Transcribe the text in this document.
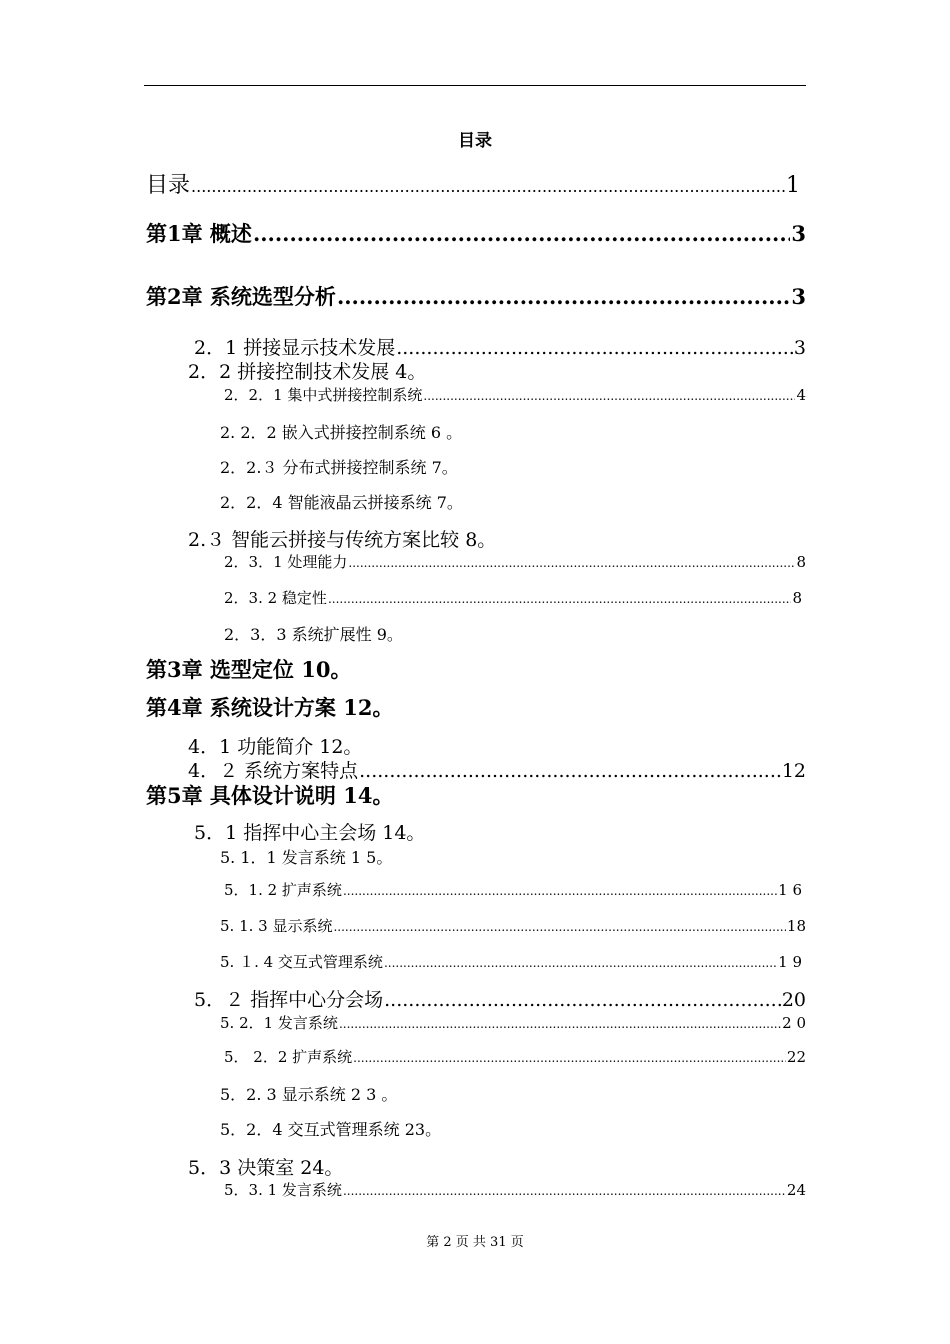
目录
目录 .....	1
第1章 概述 .....	3
第2章 系统选型分析 .....	3
2．1 拼接显示技术发展 .....	3
2．2 拼接控制技术发展 4。
2．2．1 集中式拼接控制系统 .....	4
2. 2．2 嵌入式拼接控制系统 6 。
2．2.３ 分布式拼接控制系统 7。
2．2．4 智能液晶云拼接系统 7。
2.３ 智能云拼接与传统方案比较 8。
2．3．1 处理能力 .....	8
2．3. 2 稳定性 .....	8
2．3．3 系统扩展性 9。
第3章 选型定位 10。
第4章 系统设计方案 12。
4．1 功能简介 12。
4．２ 系统方案特点 .....	12
第5章 具体设计说明 14。
5．1 指挥中心主会场 14。
5. 1．1 发言系统 1 5。
5．1. 2 扩声系统 .....	1 6
5. 1. 3 显示系统 .....	18
5. １. 4 交互式管理系统 .....	1 9
5．２ 指挥中心分会场 .....	20
5. 2．1 发言系统 .....	2 0
5． 2．2 扩声系统 .....	22
5．2. 3 显示系统 2 3 。
5．2．4 交互式管理系统 23。
5．3 决策室 24。
5．3. 1 发言系统 .....	24
第 2 页 共 31 页
